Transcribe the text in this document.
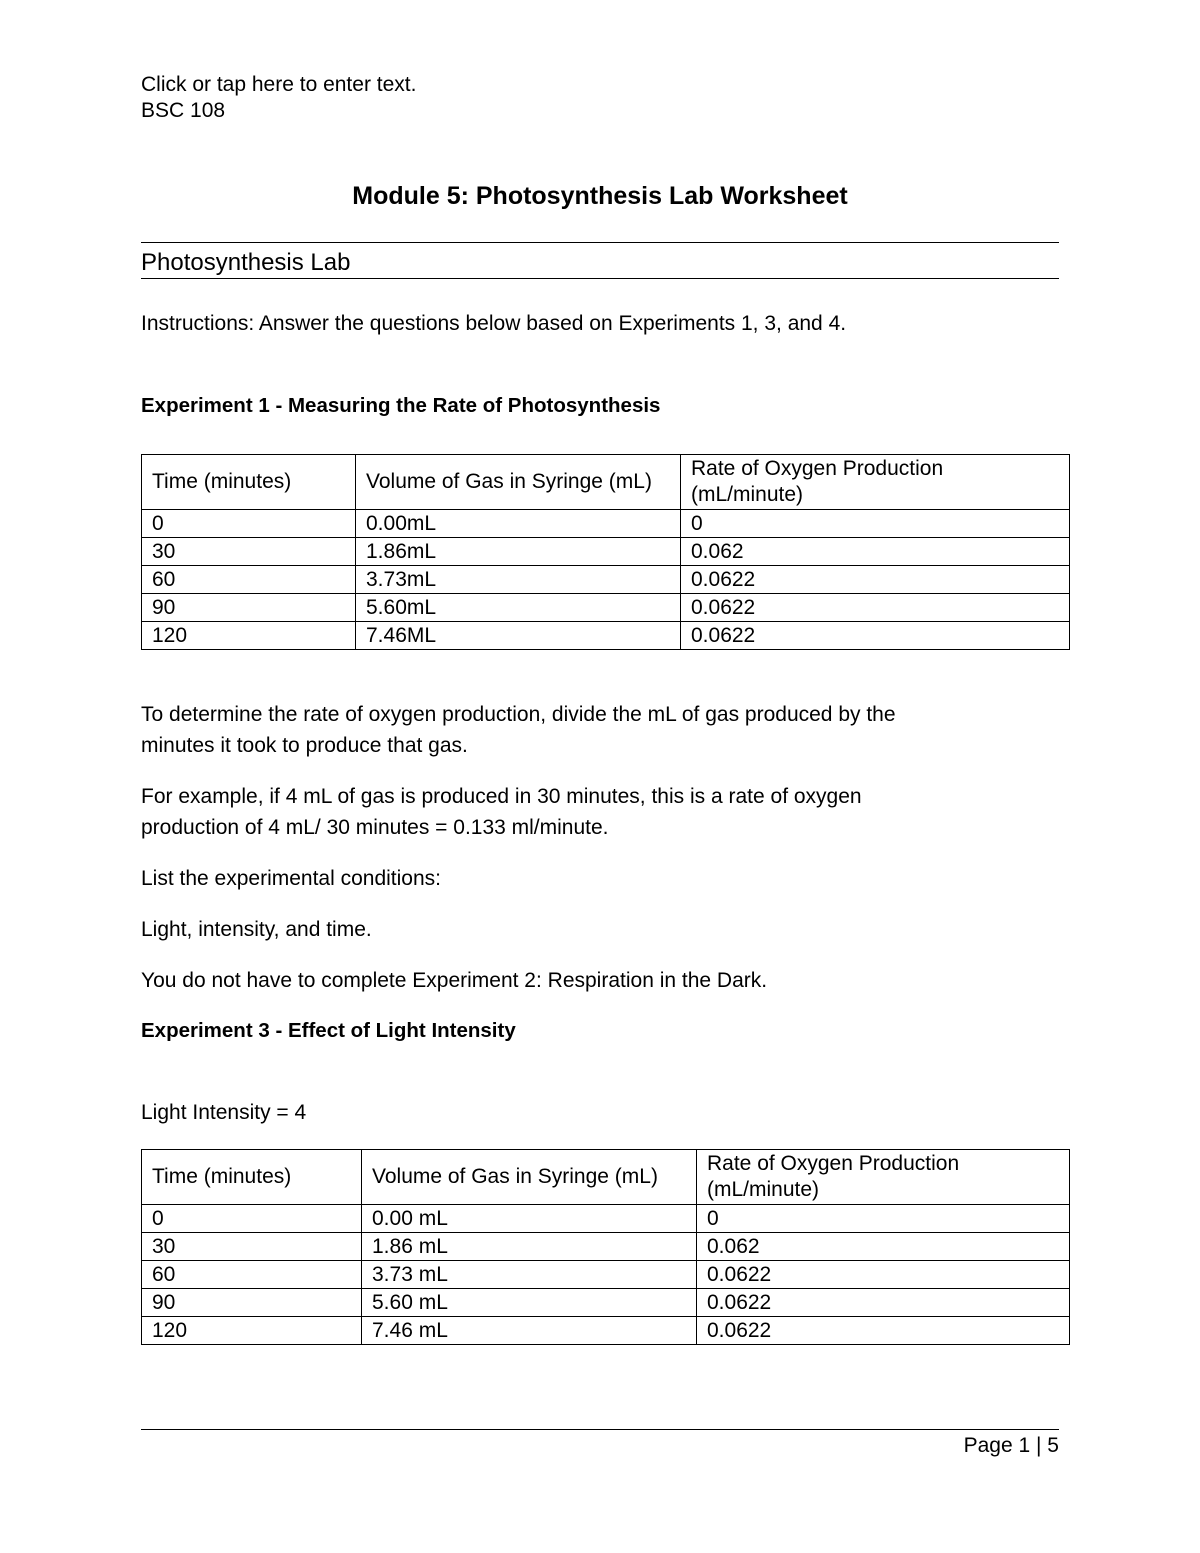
Click or tap here to enter text.
BSC 108
Module 5: Photosynthesis Lab Worksheet
Photosynthesis Lab
Instructions: Answer the questions below based on Experiments 1, 3, and 4.
Experiment 1 - Measuring the Rate of Photosynthesis
Time (minutes)	Volume of Gas in Syringe (mL)	Rate of Oxygen Production (mL/minute)
0	0.00mL	0
30	1.86mL	0.062
60	3.73mL	0.0622
90	5.60mL	0.0622
120	7.46ML	0.0622
To determine the rate of oxygen production, divide the mL of gas produced by the
minutes it took to produce that gas.
For example, if 4 mL of gas is produced in 30 minutes, this is a rate of oxygen
production of 4 mL/ 30 minutes = 0.133 ml/minute.
List the experimental conditions:
Light, intensity, and time.
You do not have to complete Experiment 2: Respiration in the Dark.
Experiment 3 - Effect of Light Intensity
Light Intensity = 4
Time (minutes)	Volume of Gas in Syringe (mL)	Rate of Oxygen Production (mL/minute)
0	0.00 mL	0
30	1.86 mL	0.062
60	3.73 mL	0.0622
90	5.60 mL	0.0622
120	7.46 mL	0.0622
Page 1 | 5
